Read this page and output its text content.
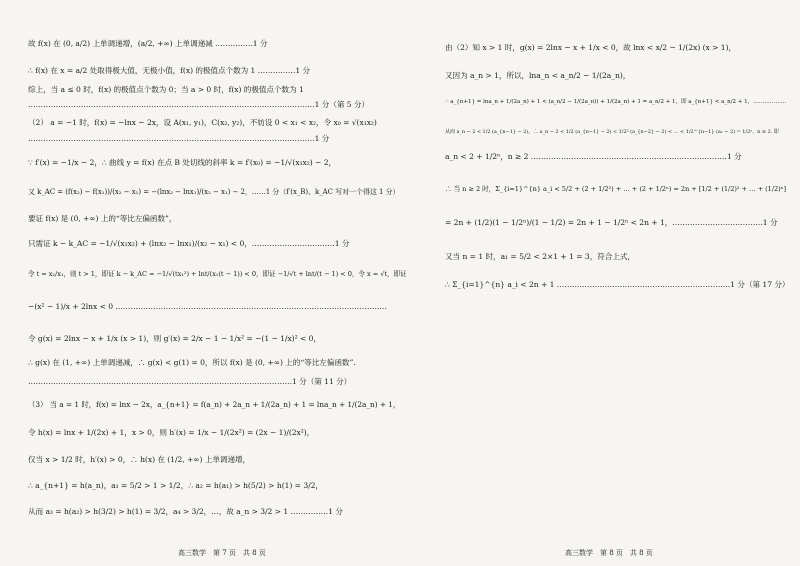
故 f(x) 在 (0, a/2) 上单调递增，(a/2, +∞) 上单调递减 ……………1 分
∴ f(x) 在 x = a/2 处取得极大值，无极小值，f(x) 的极值点个数为 1 ……………1 分
综上，当 a ≤ 0 时，f(x) 的极值点个数为 0；当 a > 0 时，f(x) 的极值点个数为 1
……………………………………………………………………………………………………1 分（第 5 分）
（2） a = −1 时，f(x) = −lnx − 2x，设 A(x₁, y₁)，C(x₂, y₂)，不妨设 0 < x₁ < x₂，令 x₀ = √(x₁x₂)
……………………………………………………………………………………………………1 分
∵ f′(x) = −1/x − 2，∴ 曲线 y = f(x) 在点 B 处切线的斜率 k = f′(x₀) = −1/√(x₁x₂) − 2，
又 k_AC = (f(x₂) − f(x₁))/(x₂ − x₁) = −(lnx₂ − lnx₁)/(x₂ − x₁) − 2，……1 分（f′(x_B)、k_AC 写对一个得这 1 分）
要证 f(x) 是 (0, +∞) 上的“等比左偏函数”，
只需证 k − k_AC = −1/√(x₁x₂) + (lnx₂ − lnx₁)/(x₂ − x₁) < 0，……………………………1 分
令 t = x₂/x₁，则 t > 1，即证 k − k_AC = −1/√(tx₁²) + lnt/(x₁(t − 1)) < 0，即证 −1/√t + lnt/(t − 1) < 0，令 x = √t，即证
−(x² − 1)/x + 2lnx < 0 ………………………………………………………………………………………………
令 g(x) = 2lnx − x + 1/x (x > 1)，则 g′(x) = 2/x − 1 − 1/x² = −(1 − 1/x)² < 0，
∴ g(x) 在 (1, +∞) 上单调递减，∴ g(x) < g(1) = 0，所以 f(x) 是 (0, +∞) 上的“等比左偏函数”.
……………………………………………………………………………………………1 分（第 11 分）
（3） 当 a = 1 时，f(x) = lnx − 2x，a_{n+1} = f(a_n) + 2a_n + 1/(2a_n) + 1 = lna_n + 1/(2a_n) + 1，
令 h(x) = lnx + 1/(2x) + 1，x > 0，则 h′(x) = 1/x − 1/(2x²) = (2x − 1)/(2x²)，
仅当 x > 1/2 时，h′(x) > 0，∴ h(x) 在 (1/2, +∞) 上单调递增，
∴ a_{n+1} = h(a_n)，a₁ = 5/2 > 1 > 1/2，∴ a₂ = h(a₁) > h(5/2) > h(1) = 3/2，
从而 a₃ = h(a₂) > h(3/2) > h(1) = 3/2，a₄ > 3/2，…，故 a_n > 3/2 > 1 ……………1 分
高三数学　第 7 页　共 8 页
由（2）知 x > 1 时，g(x) = 2lnx − x + 1/x < 0，故 lnx < x/2 − 1/(2x) (x > 1)，
又因为 a_n > 1，所以，lna_n < a_n/2 − 1/(2a_n)，
∴ a_{n+1} = lna_n + 1/(2a_n) + 1 < (a_n/2 − 1/(2a_n)) + 1/(2a_n) + 1 = a_n/2 + 1，即 a_{n+1} < a_n/2 + 1，………………
从而 a_n − 2 < 1/2 (a_{n−1} − 2)，∴ a_n − 2 < 1/2 (a_{n−1} − 2) < 1/2² (a_{n−2} − 2) < … < 1/2^{n−1} (a₁ − 2) = 1/2ⁿ，n ≥ 2. 即
a_n < 2 + 1/2ⁿ，n ≥ 2 ……………………………………………………………………1 分
∴ 当 n ≥ 2 时，Σ_{i=1}^{n} a_i < 5/2 + (2 + 1/2²) + … + (2 + 1/2ⁿ) = 2n + [1/2 + (1/2)² + … + (1/2)ⁿ]
= 2n + (1/2)(1 − 1/2ⁿ)/(1 − 1/2) = 2n + 1 − 1/2ⁿ < 2n + 1，………………………………1 分
又当 n = 1 时，a₁ = 5/2 < 2×1 + 1 = 3，符合上式，
∴ Σ_{i=1}^{n} a_i < 2n + 1 ……………………………………………………………1 分（第 17 分）
高三数学　第 8 页　共 8 页
